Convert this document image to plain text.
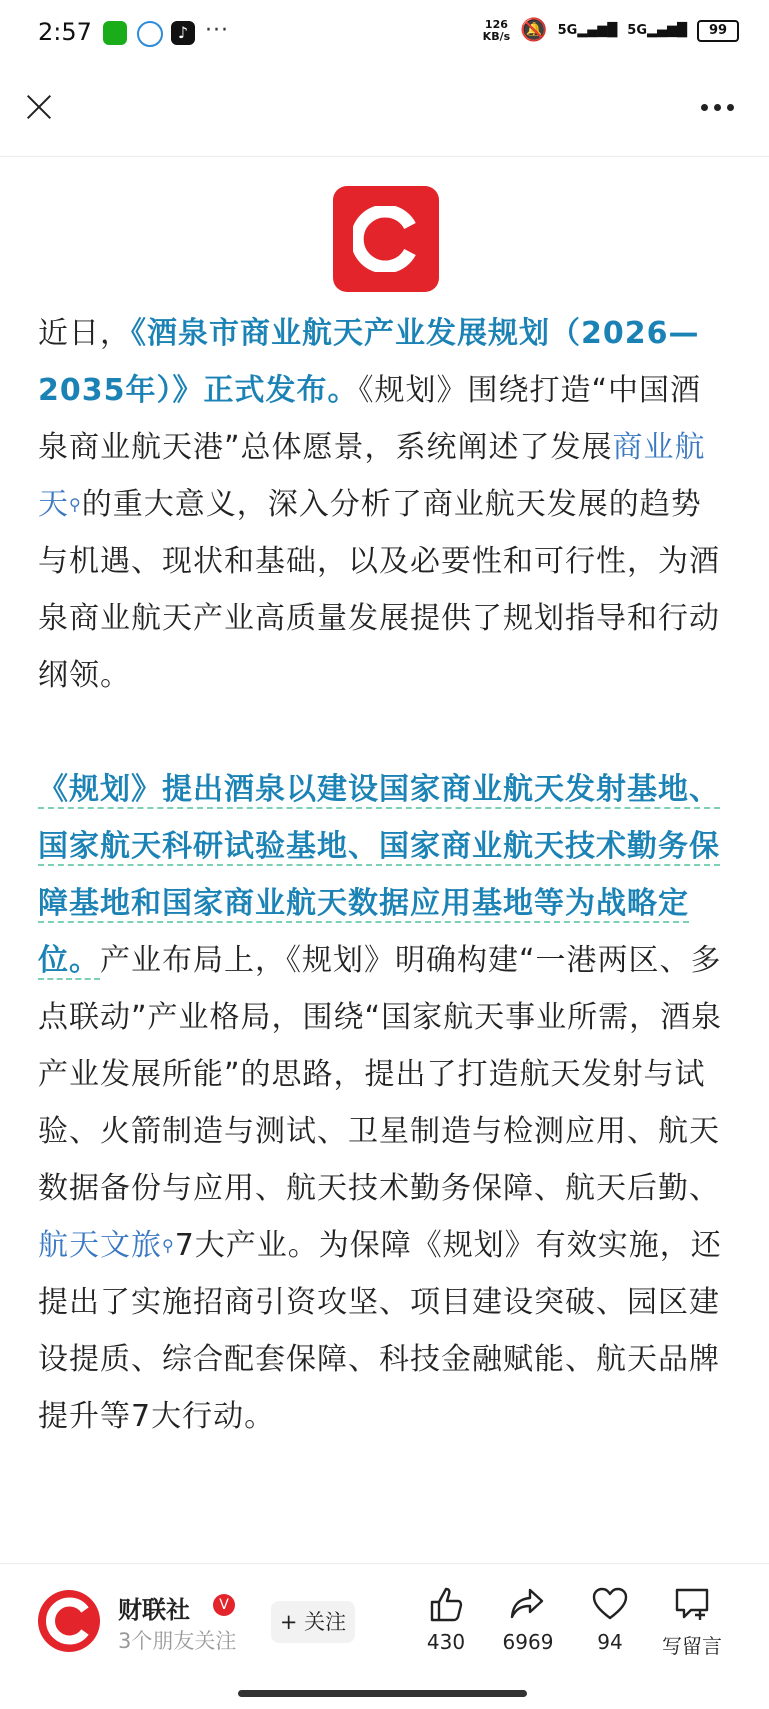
2:57	♪ ···	126
KB/s 🔕 5G▂▄▆█ 5G▂▄▆█	99

近日，《酒泉市商业航天产业发展规划（2026—2035年）》正式发布。《规划》围绕打造“中国酒泉商业航天港”总体愿景，系统阐述了发展商业航天⚲的重大意义，深入分析了商业航天发展的趋势与机遇、现状和基础，以及必要性和可行性，为酒泉商业航天产业高质量发展提供了规划指导和行动纲领。

《规划》提出酒泉以建设国家商业航天发射基地、国家航天科研试验基地、国家商业航天技术勤务保障基地和国家商业航天数据应用基地等为战略定位。产业布局上，《规划》明确构建“一港两区、多点联动”产业格局，围绕“国家航天事业所需，酒泉产业发展所能”的思路，提出了打造航天发射与试验、火箭制造与测试、卫星制造与检测应用、航天数据备份与应用、航天技术勤务保障、航天后勤、航天文旅⚲7大产业。为保障《规划》有效实施，还提出了实施招商引资攻坚、项目建设突破、园区建设提质、综合配套保障、科技金融赋能、航天品牌提升等7大行动。

财联社	V
3个朋友关注
+ 关注
430	6969	94	写留言
